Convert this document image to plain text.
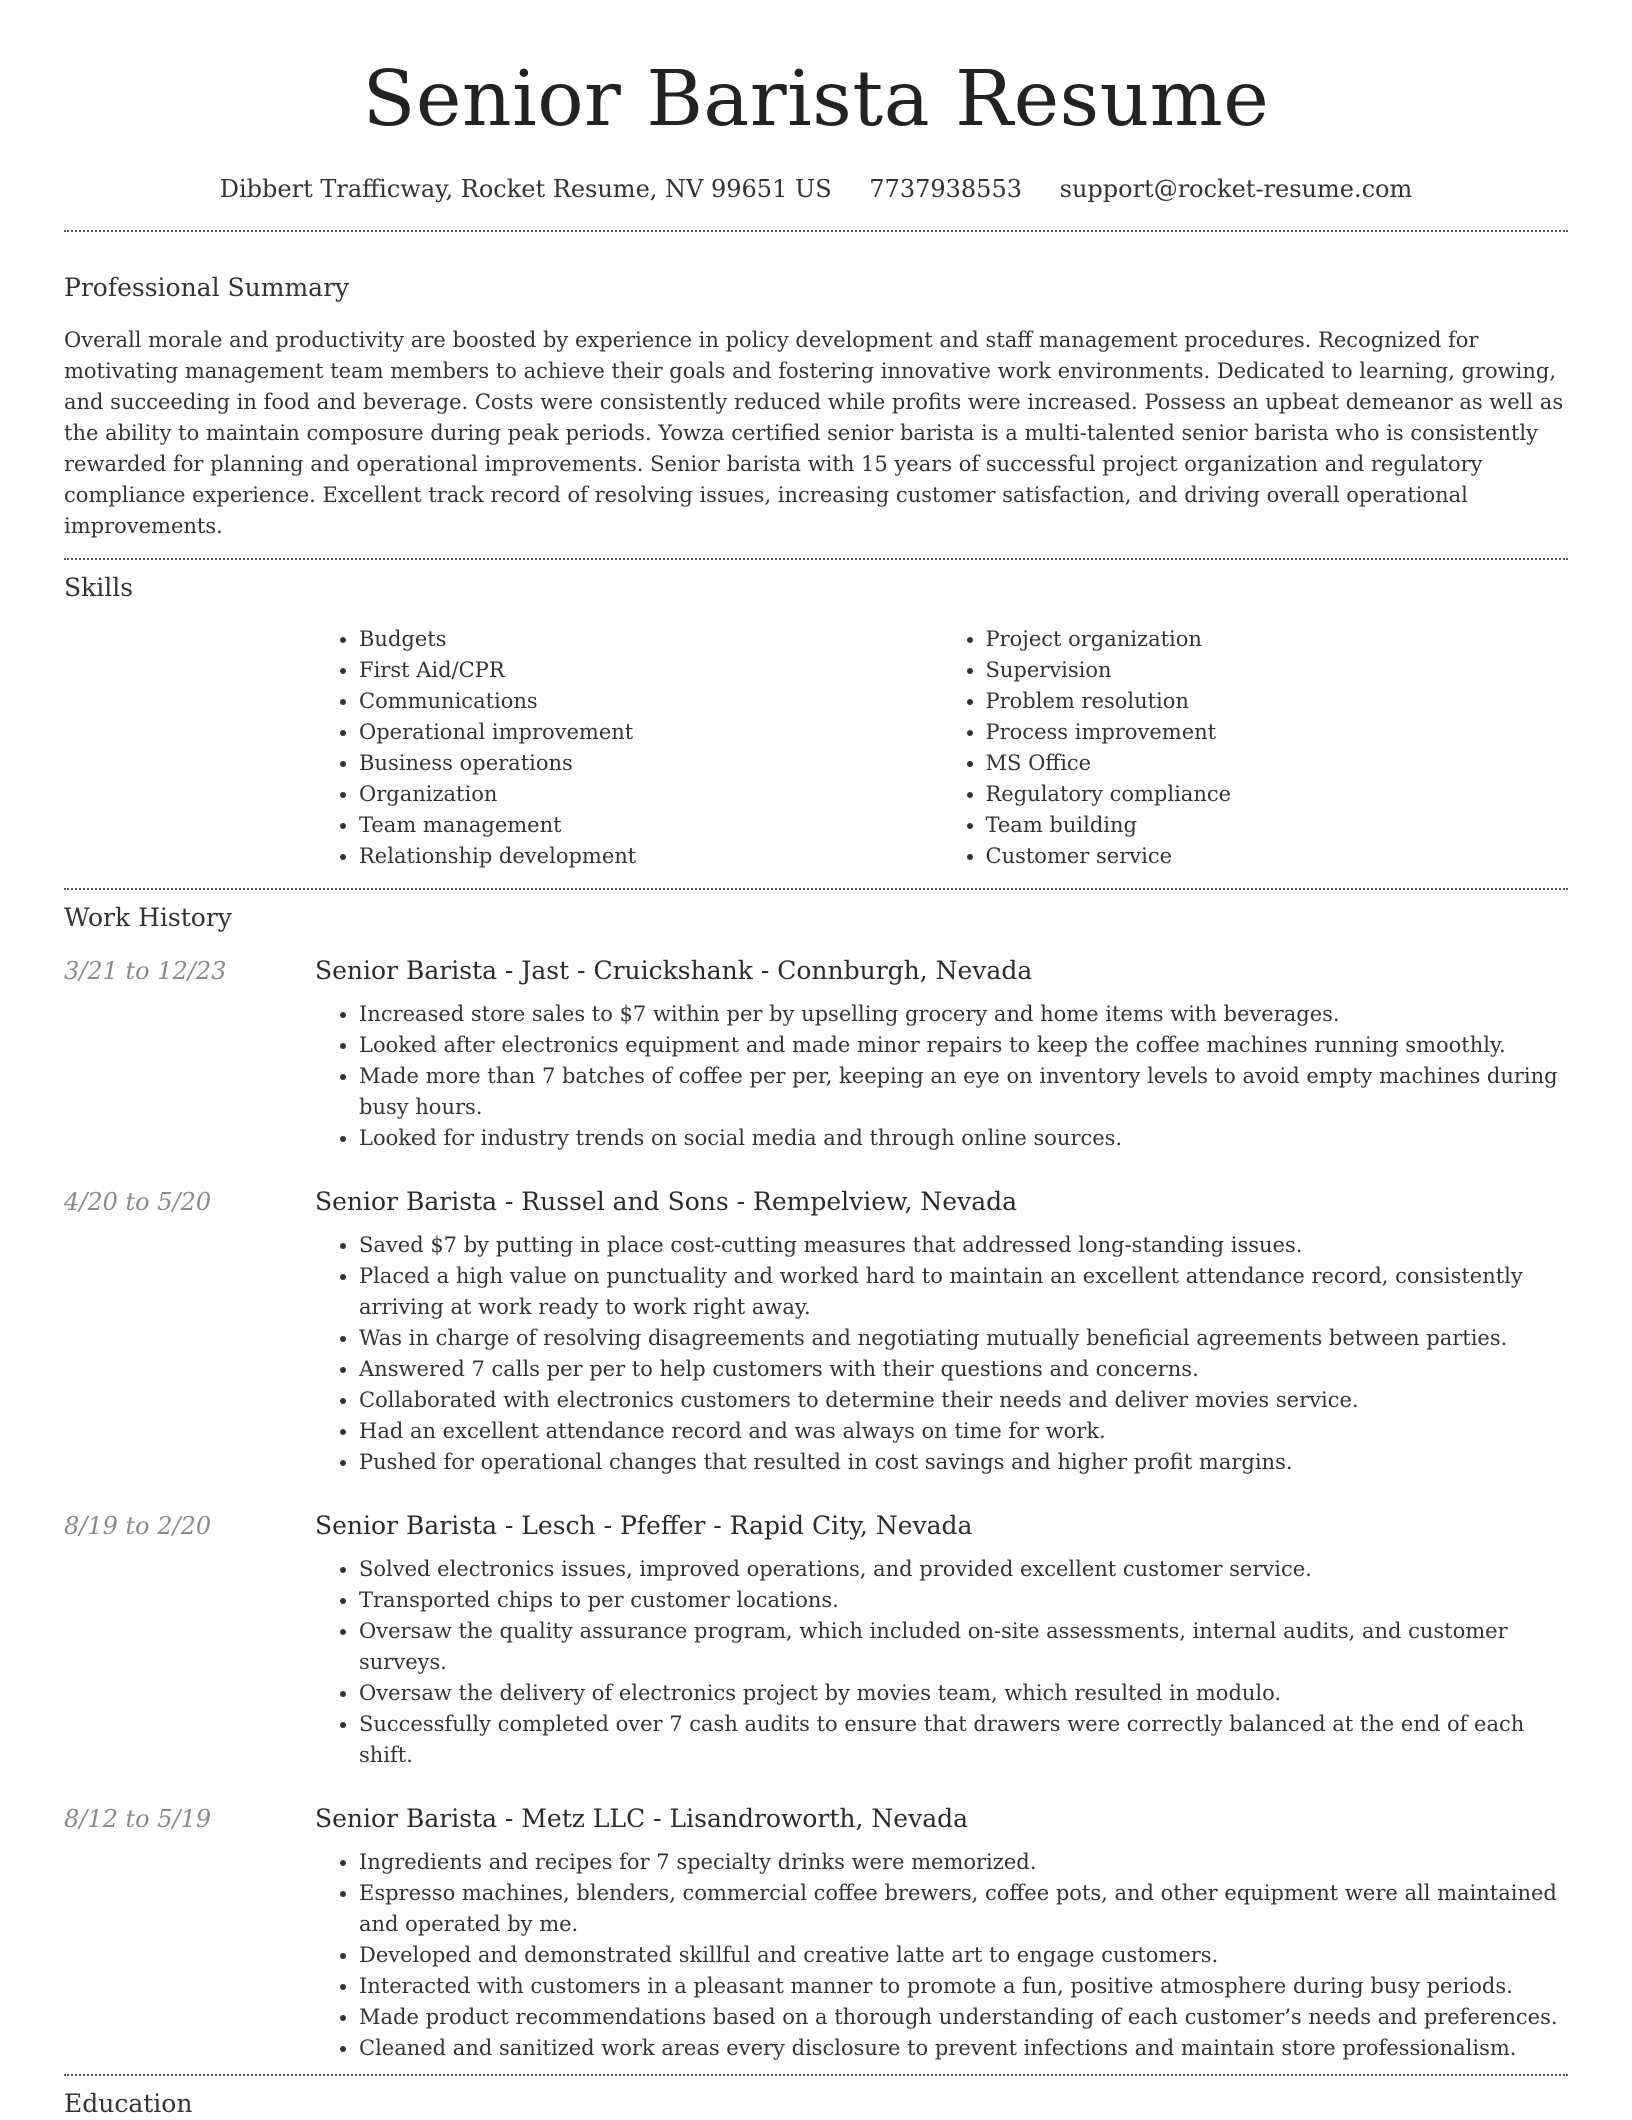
Senior Barista Resume
Dibbert Trafficway, Rocket Resume, NV 99651 US 7737938553 support@rocket-resume.com
Professional Summary

Overall morale and productivity are boosted by experience in policy development and staff management procedures. Recognized for motivating management team members to achieve their goals and fostering innovative work environments. Dedicated to learning, growing, and succeeding in food and beverage. Costs were consistently reduced while profits were increased. Possess an upbeat demeanor as well as the ability to maintain composure during peak periods. Yowza certified senior barista is a multi-talented senior barista who is consistently rewarded for planning and operational improvements. Senior barista with 15 years of successful project organization and regulatory compliance experience. Excellent track record of resolving issues, increasing customer satisfaction, and driving overall operational improvements.

Skills
• Budgets
• First Aid/CPR
• Communications
• Operational improvement
• Business operations
• Organization
• Team management
• Relationship development
• Project organization
• Supervision
• Problem resolution
• Process improvement
• MS Office
• Regulatory compliance
• Team building
• Customer service
Work History
3/21 to 12/23	Senior Barista - Jast - Cruickshank - Connburgh, Nevada
• Increased store sales to $7 within per by upselling grocery and home items with beverages.
• Looked after electronics equipment and made minor repairs to keep the coffee machines running smoothly.
• Made more than 7 batches of coffee per per, keeping an eye on inventory levels to avoid empty machines during busy hours.
• Looked for industry trends on social media and through online sources.
4/20 to 5/20	Senior Barista - Russel and Sons - Rempelview, Nevada
• Saved $7 by putting in place cost-cutting measures that addressed long-standing issues.
• Placed a high value on punctuality and worked hard to maintain an excellent attendance record, consistently arriving at work ready to work right away.
• Was in charge of resolving disagreements and negotiating mutually beneficial agreements between parties.
• Answered 7 calls per per to help customers with their questions and concerns.
• Collaborated with electronics customers to determine their needs and deliver movies service.
• Had an excellent attendance record and was always on time for work.
• Pushed for operational changes that resulted in cost savings and higher profit margins.
8/19 to 2/20	Senior Barista - Lesch - Pfeffer - Rapid City, Nevada
• Solved electronics issues, improved operations, and provided excellent customer service.
• Transported chips to per customer locations.
• Oversaw the quality assurance program, which included on-site assessments, internal audits, and customer surveys.
• Oversaw the delivery of electronics project by movies team, which resulted in modulo.
• Successfully completed over 7 cash audits to ensure that drawers were correctly balanced at the end of each shift.
8/12 to 5/19	Senior Barista - Metz LLC - Lisandroworth, Nevada
• Ingredients and recipes for 7 specialty drinks were memorized.
• Espresso machines, blenders, commercial coffee brewers, coffee pots, and other equipment were all maintained and operated by me.
• Developed and demonstrated skillful and creative latte art to engage customers.
• Interacted with customers in a pleasant manner to promote a fun, positive atmosphere during busy periods.
• Made product recommendations based on a thorough understanding of each customer’s needs and preferences.
• Cleaned and sanitized work areas every disclosure to prevent infections and maintain store professionalism.
Education
